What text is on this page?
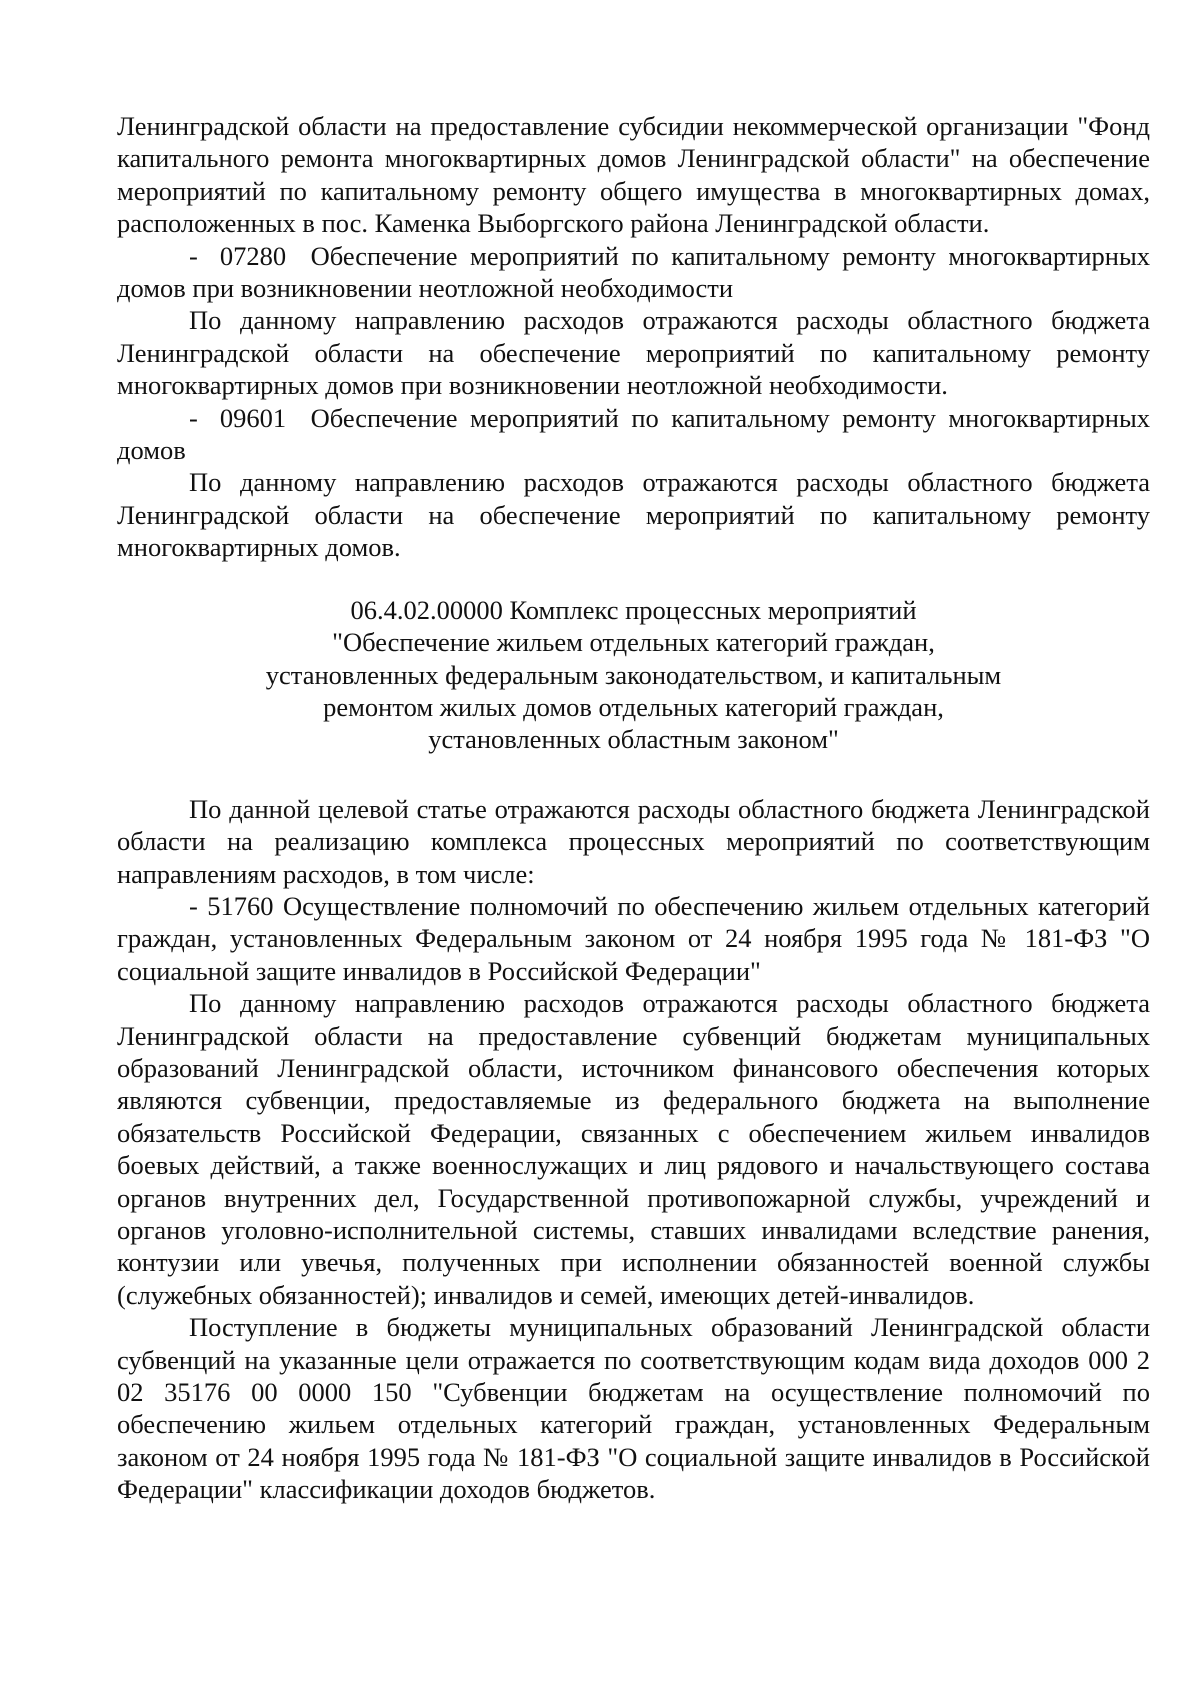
Ленинградской области на предоставление субсидии некоммерческой организации "Фонд капитального ремонта многоквартирных домов Ленинградской области" на обеспечение мероприятий по капитальному ремонту общего имущества в многоквартирных домах, расположенных в пос. Каменка Выборгского района Ленинградской области.

- 07280 Обеспечение мероприятий по капитальному ремонту многоквартирных домов при возникновении неотложной необходимости

По данному направлению расходов отражаются расходы областного бюджета Ленинградской области на обеспечение мероприятий по капитальному ремонту многоквартирных домов при возникновении неотложной необходимости.

- 09601 Обеспечение мероприятий по капитальному ремонту многоквартирных домов

По данному направлению расходов отражаются расходы областного бюджета Ленинградской области на обеспечение мероприятий по капитальному ремонту многоквартирных домов.

06.4.02.00000 Комплекс процессных мероприятий
"Обеспечение жильем отдельных категорий граждан,
установленных федеральным законодательством, и капитальным
ремонтом жилых домов отдельных категорий граждан,
установленных областным законом"

По данной целевой статье отражаются расходы областного бюджета Ленинградской области на реализацию комплекса процессных мероприятий по соответствующим направлениям расходов, в том числе:

- 51760 Осуществление полномочий по обеспечению жильем отдельных категорий граждан, установленных Федеральным законом от 24 ноября 1995 года № 181-ФЗ "О социальной защите инвалидов в Российской Федерации"

По данному направлению расходов отражаются расходы областного бюджета Ленинградской области на предоставление субвенций бюджетам муниципальных образований Ленинградской области, источником финансового обеспечения которых являются субвенции, предоставляемые из федерального бюджета на выполнение обязательств Российской Федерации, связанных с обеспечением жильем инвалидов боевых действий, а также военнослужащих и лиц рядового и начальствующего состава органов внутренних дел, Государственной противопожарной службы, учреждений и органов уголовно-исполнительной системы, ставших инвалидами вследствие ранения, контузии или увечья, полученных при исполнении обязанностей военной службы (служебных обязанностей); инвалидов и семей, имеющих детей-инвалидов.

Поступление в бюджеты муниципальных образований Ленинградской области субвенций на указанные цели отражается по соответствующим кодам вида доходов 000 2 02 35176 00 0000 150 "Субвенции бюджетам на осуществление полномочий по обеспечению жильем отдельных категорий граждан, установленных Федеральным законом от 24 ноября 1995 года № 181-ФЗ "О социальной защите инвалидов в Российской Федерации" классификации доходов бюджетов.
